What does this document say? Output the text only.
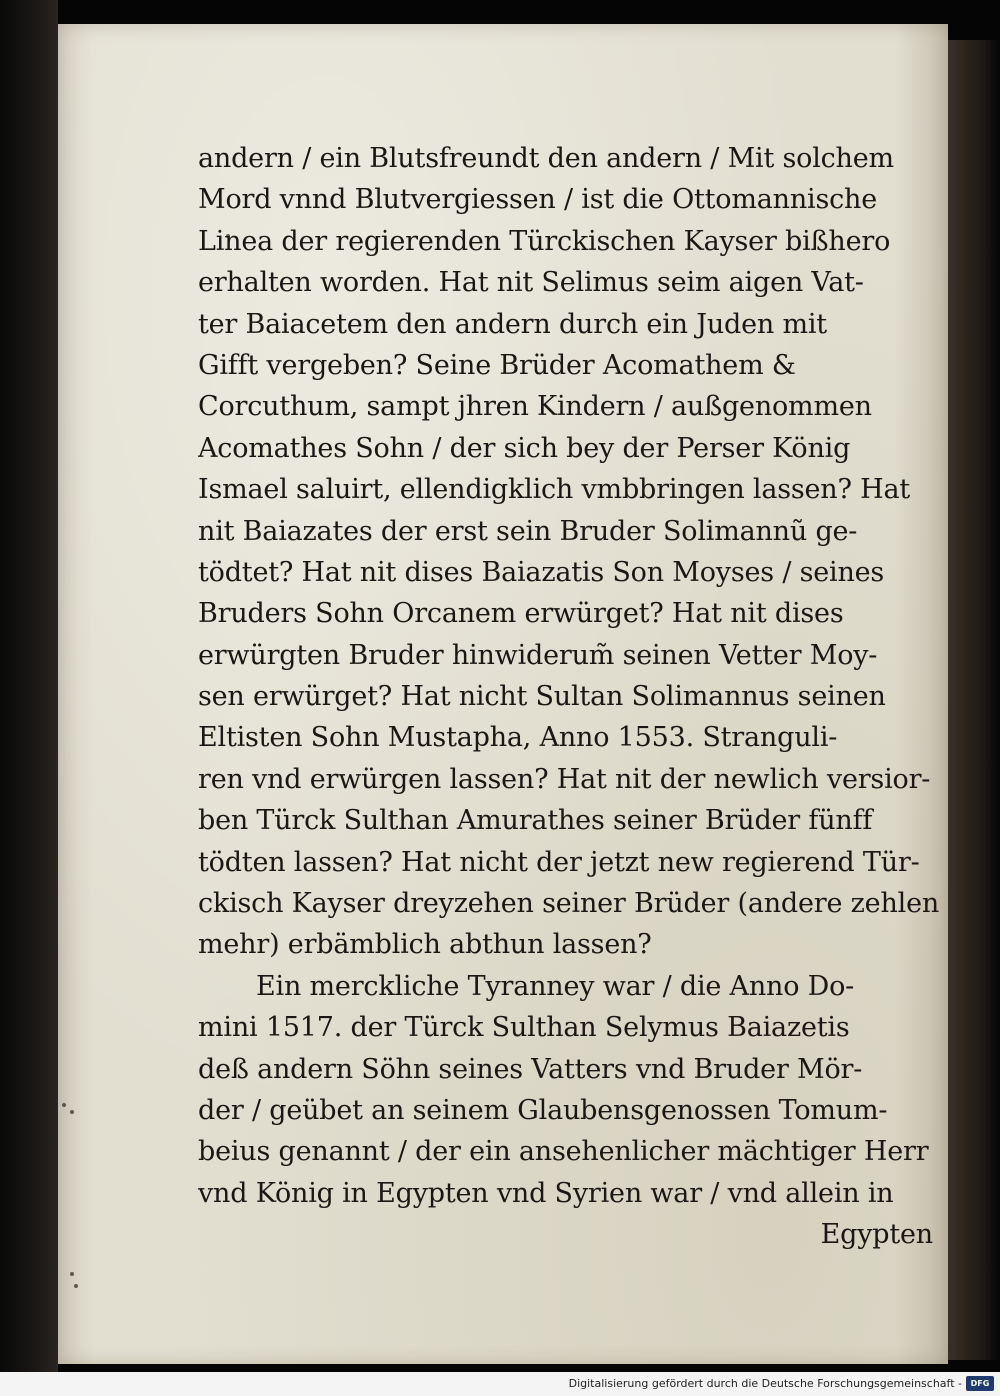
andern / ein Blutsfreundt den andern / Mit solchem
Mord vnnd Blutvergiessen / ist die Ottomannische
Linea der regierenden Türckischen Kayser bißhero
erhalten worden. Hat nit Selimus seim aigen Vat-
ter Baiacetem den andern durch ein Juden mit
Gifft vergeben? Seine Brüder Acomathem &
Corcuthum, sampt jhren Kindern / außgenommen
Acomathes Sohn / der sich bey der Perser König
Ismael saluirt, ellendigklich vmbbringen lassen? Hat
nit Baiazates der erst sein Bruder Solimannũ ge-
tödtet? Hat nit dises Baiazatis Son Moyses / seines
Bruders Sohn Orcanem erwürget? Hat nit dises
erwürgten Bruder hinwiderum̃ seinen Vetter Moy-
sen erwürget? Hat nicht Sultan Solimannus seinen
Eltisten Sohn Mustapha, Anno 1553. Stranguli-
ren vnd erwürgen lassen? Hat nit der newlich versior-
ben Türck Sulthan Amurathes seiner Brüder fünff
tödten lassen? Hat nicht der jetzt new regierend Tür-
ckisch Kayser dreyzehen seiner Brüder (andere zehlen
mehr) erbämblich abthun lassen?
Ein merckliche Tyranney war / die Anno Do-
mini 1517. der Türck Sulthan Selymus Baiazetis
deß andern Söhn seines Vatters vnd Bruder Mör-
der / geübet an seinem Glaubensgenossen Tomum-
beius genannt / der ein ansehenlicher mächtiger Herr
vnd König in Egypten vnd Syrien war / vnd allein in
Egypten
Digitalisierung gefördert durch die Deutsche Forschungsgemeinschaft -	DFG
